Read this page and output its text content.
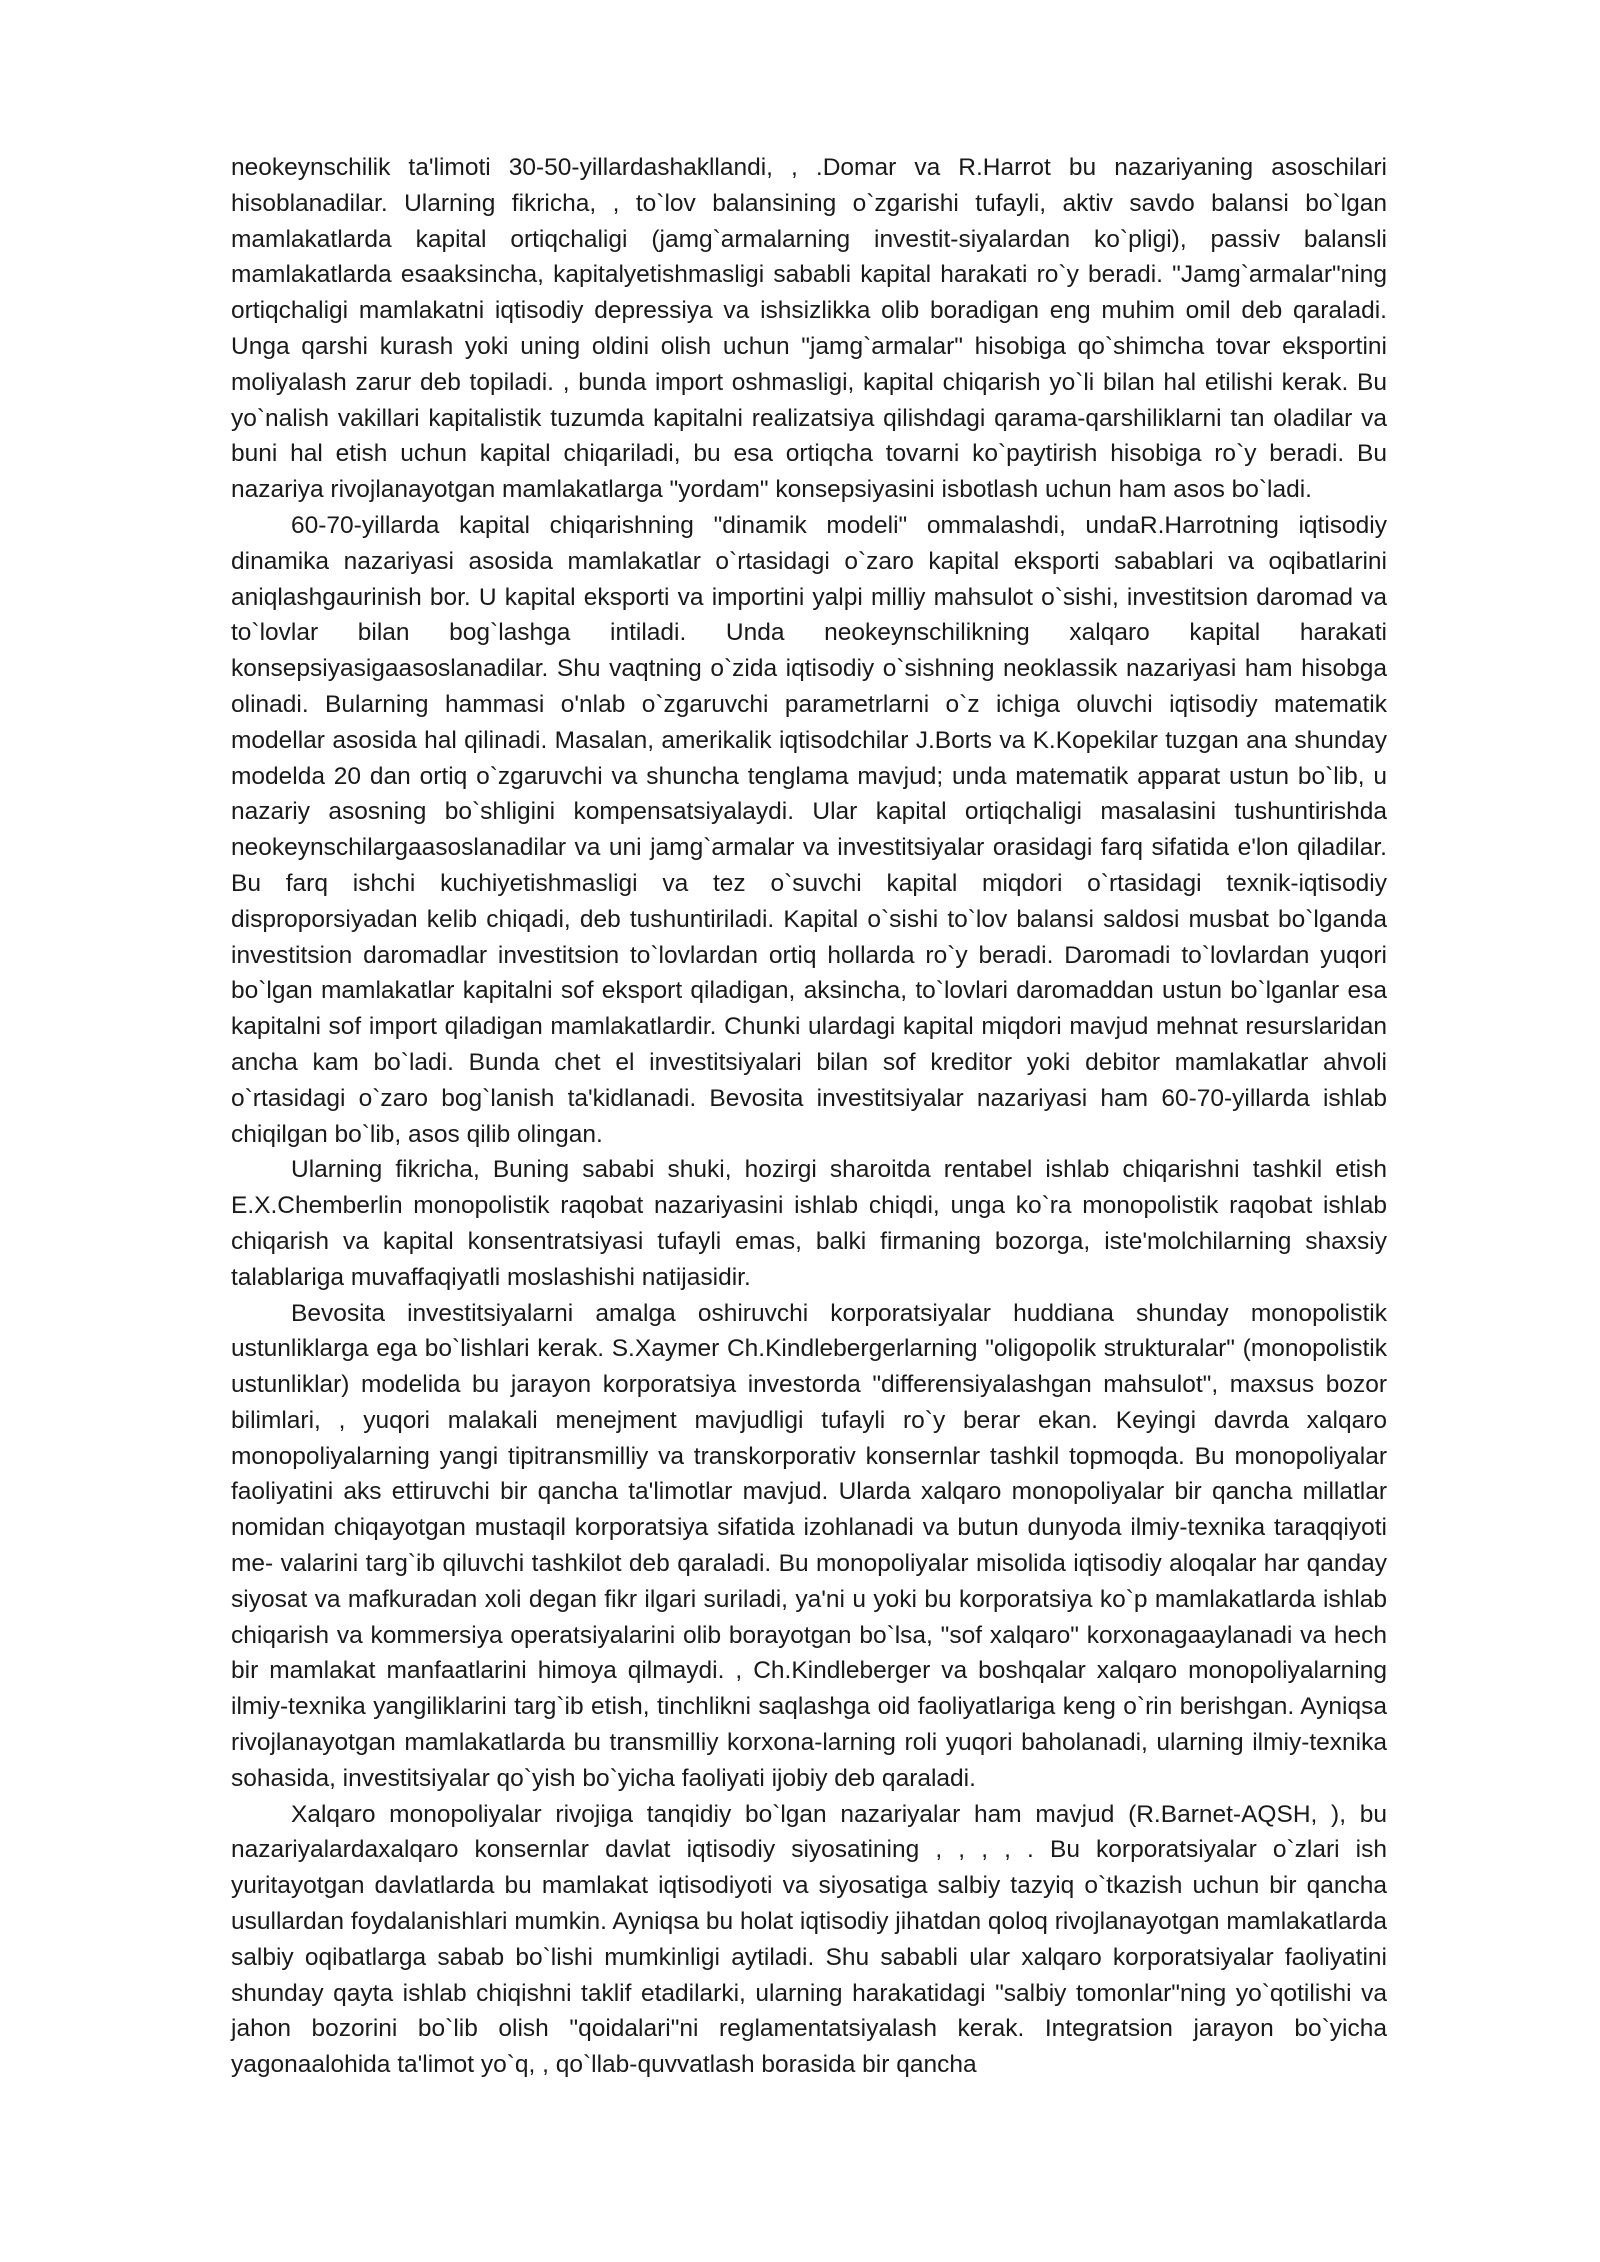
neokeynschilik ta'limoti 30-50-yillardashakllandi, , .Domar va R.Harrot bu nazariyaning asoschilari hisoblanadilar. Ularning fikricha, , to`lov balansining o`zgarishi tufayli, aktiv savdo balansi bo`lgan mamlakatlarda kapital ortiqchaligi (jamg`armalarning investit-siyalardan ko`pligi), passiv balansli mamlakatlarda esaaksincha, kapitalyetishmasligi sababli kapital harakati ro`y beradi. "Jamg`armalar"ning ortiqchaligi mamlakatni iqtisodiy depressiya va ishsizlikka olib boradigan eng muhim omil deb qaraladi. Unga qarshi kurash yoki uning oldini olish uchun "jamg`armalar" hisobiga qo`shimcha tovar eksportini moliyalash zarur deb topiladi. , bunda import oshmasligi, kapital chiqarish yo`li bilan hal etilishi kerak. Bu yo`nalish vakillari kapitalistik tuzumda kapitalni realizatsiya qilishdagi qarama-qarshiliklarni tan oladilar va buni hal etish uchun kapital chiqariladi, bu esa ortiqcha tovarni ko`paytirish hisobiga ro`y beradi. Bu nazariya rivojlanayotgan mamlakatlarga "yordam" konsepsiyasini isbotlash uchun ham asos bo`ladi.

60-70-yillarda kapital chiqarishning "dinamik modeli" ommalashdi, undaR.Harrotning iqtisodiy dinamika nazariyasi asosida mamlakatlar o`rtasidagi o`zaro kapital eksporti sabablari va oqibatlarini aniqlashgaurinish bor. U kapital eksporti va importini yalpi milliy mahsulot o`sishi, investitsion daromad va to`lovlar bilan bog`lashga intiladi. Unda neokeynschilikning xalqaro kapital harakati konsepsiyasigaasoslanadilar. Shu vaqtning o`zida iqtisodiy o`sishning neoklassik nazariyasi ham hisobga olinadi. Bularning hammasi o'nlab o`zgaruvchi parametrlarni o`z ichiga oluvchi iqtisodiy matematik modellar asosida hal qilinadi. Masalan, amerikalik iqtisodchilar J.Borts va K.Kopekilar tuzgan ana shunday modelda 20 dan ortiq o`zgaruvchi va shuncha tenglama mavjud; unda matematik apparat ustun bo`lib, u nazariy asosning bo`shligini kompensatsiyalaydi. Ular kapital ortiqchaligi masalasini tushuntirishda neokeynschilargaasoslanadilar va uni jamg`armalar va investitsiyalar orasidagi farq sifatida e'lon qiladilar. Bu farq ishchi kuchiyetishmasligi va tez o`suvchi kapital miqdori o`rtasidagi texnik-iqtisodiy disproporsiyadan kelib chiqadi, deb tushuntiriladi. Kapital o`sishi to`lov balansi saldosi musbat bo`lganda investitsion daromadlar investitsion to`lovlardan ortiq hollarda ro`y beradi. Daromadi to`lovlardan yuqori bo`lgan mamlakatlar kapitalni sof eksport qiladigan, aksincha, to`lovlari daromaddan ustun bo`lganlar esa kapitalni sof import qiladigan mamlakatlardir. Chunki ulardagi kapital miqdori mavjud mehnat resurslaridan ancha kam bo`ladi. Bunda chet el investitsiyalari bilan sof kreditor yoki debitor mamlakatlar ahvoli o`rtasidagi o`zaro bog`lanish ta'kidlanadi. Bevosita investitsiyalar nazariyasi ham 60-70-yillarda ishlab chiqilgan bo`lib, asos qilib olingan.

Ularning fikricha, Buning sababi shuki, hozirgi sharoitda rentabel ishlab chiqarishni tashkil etish E.X.Chemberlin monopolistik raqobat nazariyasini ishlab chiqdi, unga ko`ra monopolistik raqobat ishlab chiqarish va kapital konsentratsiyasi tufayli emas, balki firmaning bozorga, iste'molchilarning shaxsiy talablariga muvaffaqiyatli moslashishi natijasidir.

Bevosita investitsiyalarni amalga oshiruvchi korporatsiyalar huddiana shunday monopolistik ustunliklarga ega bo`lishlari kerak. S.Xaymer Ch.Kindlebergerlarning "oligopolik strukturalar" (monopolistik ustunliklar) modelida bu jarayon korporatsiya investorda "differensiyalashgan mahsulot", maxsus bozor bilimlari, , yuqori malakali menejment mavjudligi tufayli ro`y berar ekan. Keyingi davrda xalqaro monopoliyalarning yangi tipitransmilliy va transkorporativ konsernlar tashkil topmoqda. Bu monopoliyalar faoliyatini aks ettiruvchi bir qancha ta'limotlar mavjud. Ularda xalqaro monopoliyalar bir qancha millatlar nomidan chiqayotgan mustaqil korporatsiya sifatida izohlanadi va butun dunyoda ilmiy-texnika taraqqiyoti me- valarini targ`ib qiluvchi tashkilot deb qaraladi. Bu monopoliyalar misolida iqtisodiy aloqalar har qanday siyosat va mafkuradan xoli degan fikr ilgari suriladi, ya'ni u yoki bu korporatsiya ko`p mamlakatlarda ishlab chiqarish va kommersiya operatsiyalarini olib borayotgan bo`lsa, "sof xalqaro" korxonagaaylanadi va hech bir mamlakat manfaatlarini himoya qilmaydi. , Ch.Kindleberger va boshqalar xalqaro monopoliyalarning ilmiy-texnika yangiliklarini targ`ib etish, tinchlikni saqlashga oid faoliyatlariga keng o`rin berishgan. Ayniqsa rivojlanayotgan mamlakatlarda bu transmilliy korxona-larning roli yuqori baholanadi, ularning ilmiy-texnika sohasida, investitsiyalar qo`yish bo`yicha faoliyati ijobiy deb qaraladi.

Xalqaro monopoliyalar rivojiga tanqidiy bo`lgan nazariyalar ham mavjud (R.Barnet-AQSH, ), bu nazariyalardaxalqaro konsernlar davlat iqtisodiy siyosatining , , , , . Bu korporatsiyalar o`zlari ish yuritayotgan davlatlarda bu mamlakat iqtisodiyoti va siyosatiga salbiy tazyiq o`tkazish uchun bir qancha usullardan foydalanishlari mumkin. Ayniqsa bu holat iqtisodiy jihatdan qoloq rivojlanayotgan mamlakatlarda salbiy oqibatlarga sabab bo`lishi mumkinligi aytiladi. Shu sababli ular xalqaro korporatsiyalar faoliyatini shunday qayta ishlab chiqishni taklif etadilarki, ularning harakatidagi "salbiy tomonlar"ning yo`qotilishi va jahon bozorini bo`lib olish "qoidalari"ni reglamentatsiyalash kerak. Integratsion jarayon bo`yicha yagonaalohida ta'limot yo`q, , qo`llab-quvvatlash borasida bir qancha
